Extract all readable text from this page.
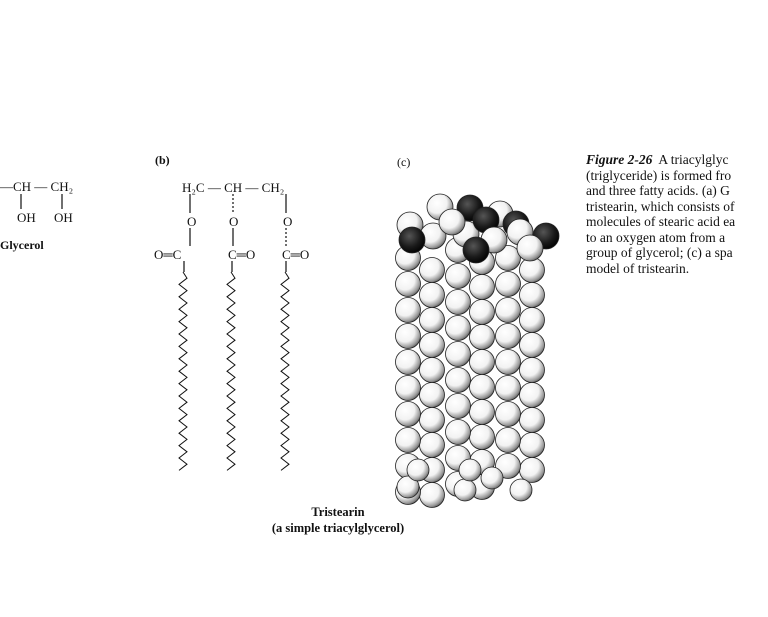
—CH — CH₂
OH OH
Glycerol
(b)
H₂C — CH — CH₂
O	O	O
O═C	C═O C═O
(c)
Tristearin
(a simple triacylglycerol)
Figure 2-26 A triacylglyc
(triglyceride) is formed fro
and three fatty acids. (a) G
tristearin, which consists of
molecules of stearic acid ea
to an oxygen atom from a
group of glycerol; (c) a spa
model of tristearin.
